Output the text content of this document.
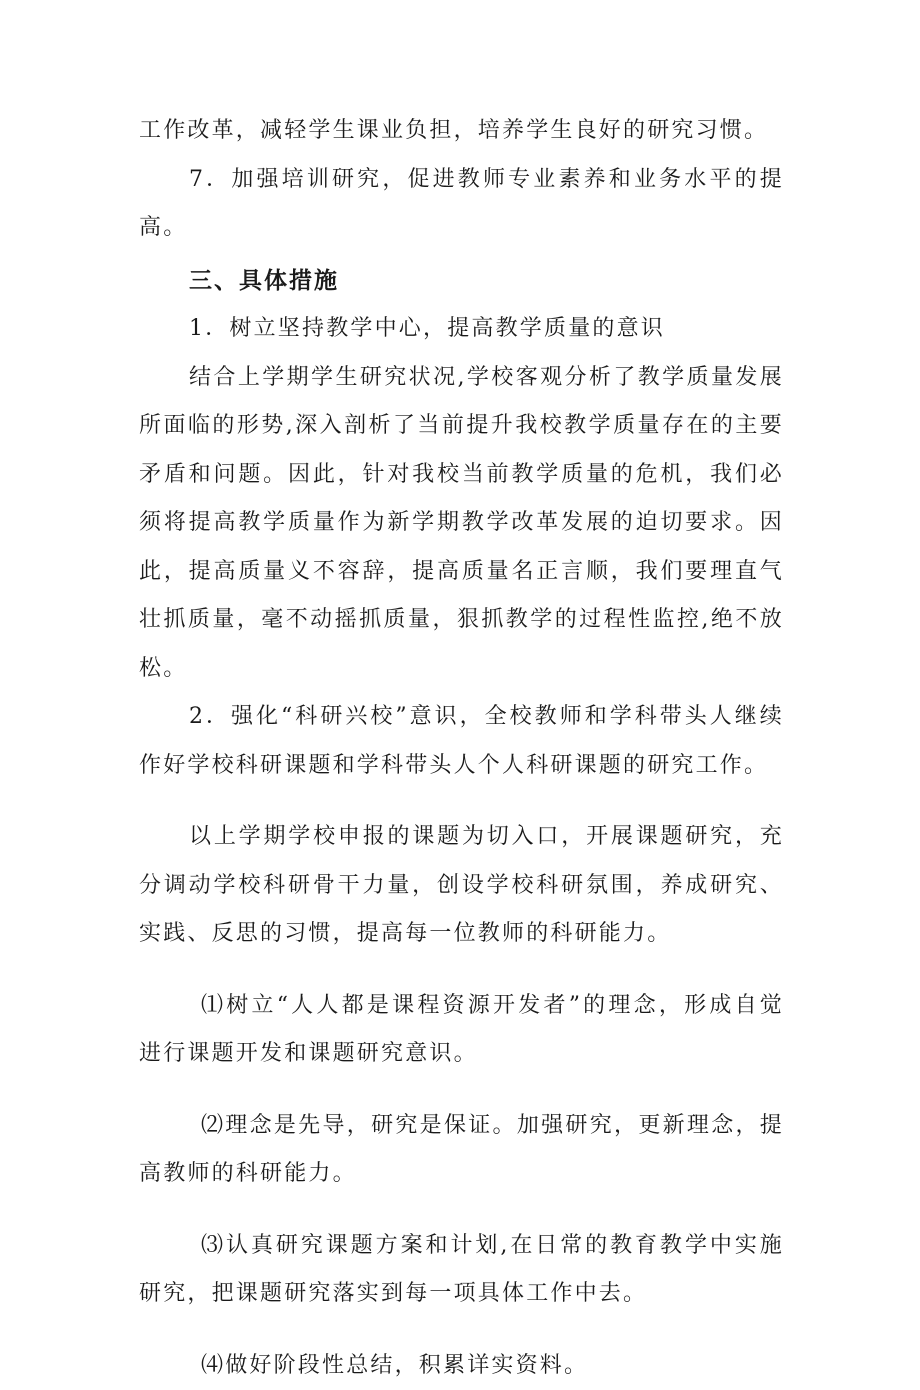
工作改革，减轻学生课业负担，培养学生良好的研究习惯。

7．加强培训研究，促进教师专业素养和业务水平的提高。

三、具体措施

1．树立坚持教学中心，提高教学质量的意识

结合上学期学生研究状况,学校客观分析了教学质量发展所面临的形势,深入剖析了当前提升我校教学质量存在的主要矛盾和问题。因此，针对我校当前教学质量的危机，我们必须将提高教学质量作为新学期教学改革发展的迫切要求。因此，提高质量义不容辞，提高质量名正言顺，我们要理直气壮抓质量，毫不动摇抓质量，狠抓教学的过程性监控,绝不放松。

2．强化“科研兴校”意识，全校教师和学科带头人继续作好学校科研课题和学科带头人个人科研课题的研究工作。

以上学期学校申报的课题为切入口，开展课题研究，充分调动学校科研骨干力量，创设学校科研氛围，养成研究、实践、反思的习惯，提高每一位教师的科研能力。

⑴树立“人人都是课程资源开发者”的理念，形成自觉进行课题开发和课题研究意识。

⑵理念是先导，研究是保证。加强研究，更新理念，提高教师的科研能力。

⑶认真研究课题方案和计划,在日常的教育教学中实施研究，把课题研究落实到每一项具体工作中去。

⑷做好阶段性总结，积累详实资料。
